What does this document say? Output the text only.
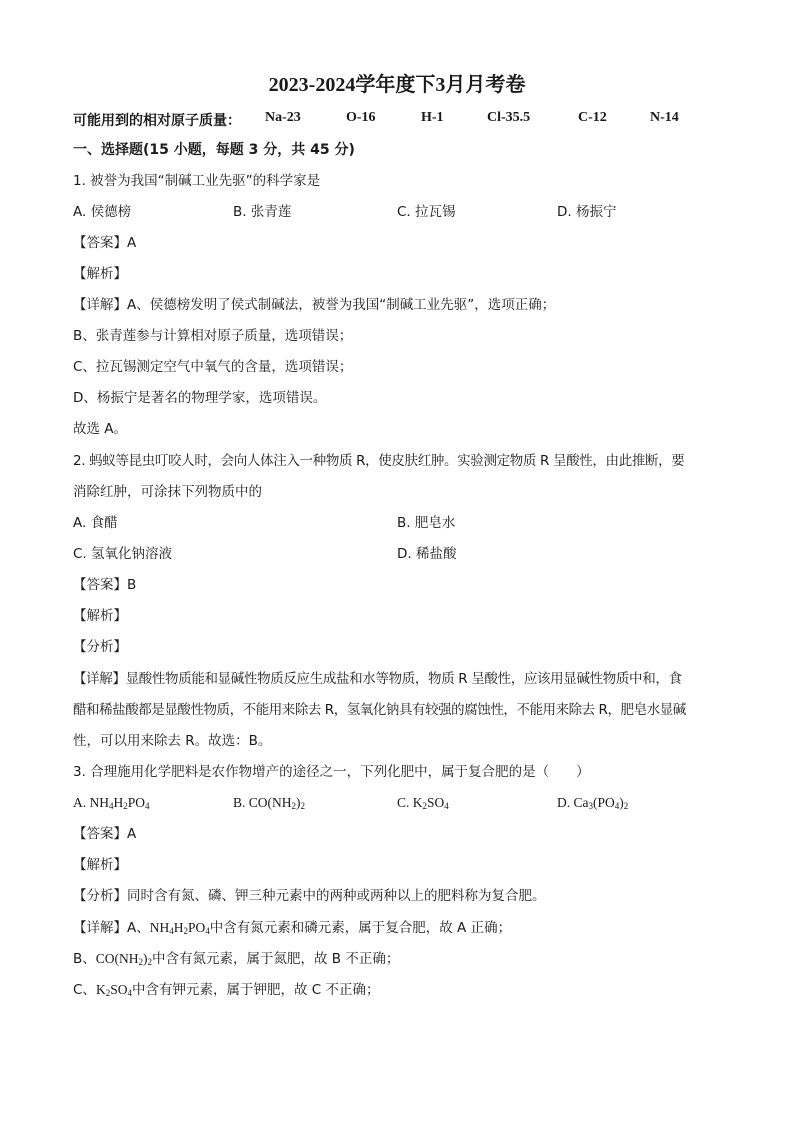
2023-2024学年度下3月月考卷
可能用到的相对原子质量： Na-23	O-16	H-1	Cl-35.5	C-12	N-14
一、选择题(15 小题，每题 3 分，共 45 分)
1. 被誉为我国“制碱工业先驱”的科学家是
A. 侯德榜	B. 张青莲	C. 拉瓦锡	D. 杨振宁
【答案】A
【解析】
【详解】A、侯德榜发明了侯式制碱法，被誉为我国“制碱工业先驱”，选项正确；
B、张青莲参与计算相对原子质量，选项错误；
C、拉瓦锡测定空气中氧气的含量，选项错误；
D、杨振宁是著名的物理学家，选项错误。
故选 A。
2. 蚂蚁等昆虫叮咬人时，会向人体注入一种物质 R，使皮肤红肿。实验测定物质 R 呈酸性，由此推断，要
消除红肿，可涂抹下列物质中的
A. 食醋	B. 肥皂水
C. 氢氧化钠溶液	D. 稀盐酸
【答案】B
【解析】
【分析】
【详解】显酸性物质能和显碱性物质反应生成盐和水等物质，物质 R 呈酸性，应该用显碱性物质中和，食
醋和稀盐酸都是显酸性物质，不能用来除去 R，氢氧化钠具有较强的腐蚀性，不能用来除去 R，肥皂水显碱
性，可以用来除去 R。故选：B。
3. 合理施用化学肥料是农作物增产的途径之一，下列化肥中，属于复合肥的是（　　）
A. $NH_4H_2PO_4$	B. $CO(NH_2)_2$	C. $K_2SO_4$	D. $Ca_3(PO_4)_2$
【答案】A
【解析】
【分析】同时含有氮、磷、钾三种元素中的两种或两种以上的肥料称为复合肥。
【详解】A、$NH_4H_2PO_4$中含有氮元素和磷元素，属于复合肥，故 A 正确；
B、$CO(NH_2)_2$中含有氮元素，属于氮肥，故 B 不正确；
C、$K_2SO_4$中含有钾元素，属于钾肥，故 C 不正确；
